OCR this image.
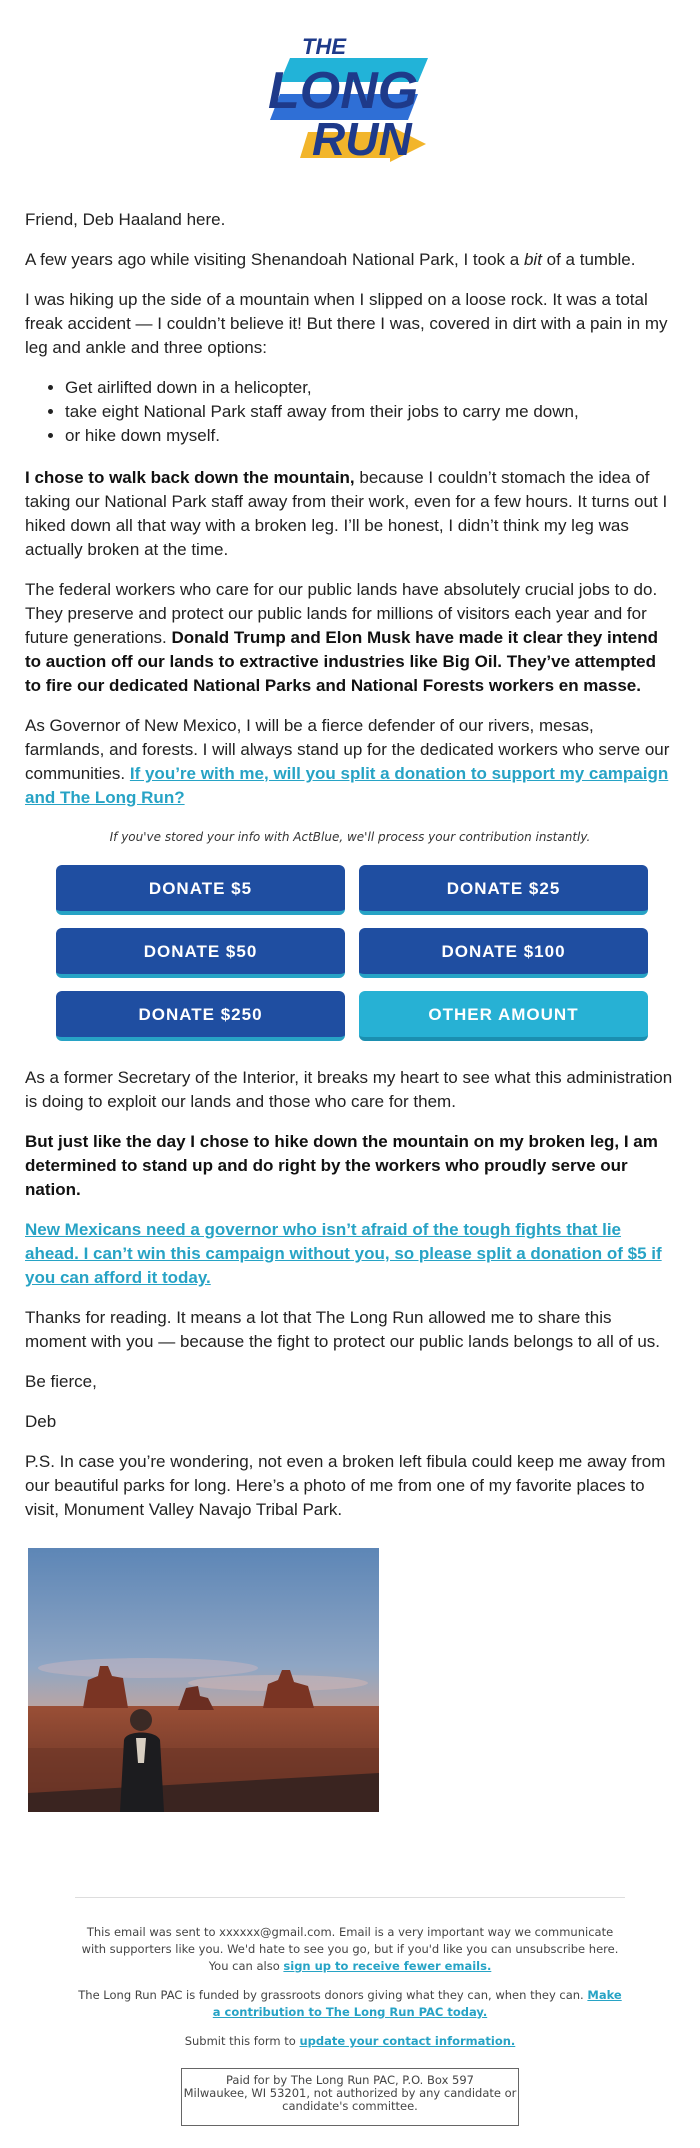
THE
LONG
RUN

Friend, Deb Haaland here.

A few years ago while visiting Shenandoah National Park, I took a bit of a tumble.

I was hiking up the side of a mountain when I slipped on a loose rock. It was a total freak accident — I couldn’t believe it! But there I was, covered in dirt with a pain in my leg and ankle and three options:

• Get airlifted down in a helicopter,
• take eight National Park staff away from their jobs to carry me down,
• or hike down myself.

I chose to walk back down the mountain, because I couldn’t stomach the idea of taking our National Park staff away from their work, even for a few hours. It turns out I hiked down all that way with a broken leg. I’ll be honest, I didn’t think my leg was actually broken at the time.

The federal workers who care for our public lands have absolutely crucial jobs to do. They preserve and protect our public lands for millions of visitors each year and for future generations. Donald Trump and Elon Musk have made it clear they intend to auction off our lands to extractive industries like Big Oil. They’ve attempted to fire our dedicated National Parks and National Forests workers en masse.

As Governor of New Mexico, I will be a fierce defender of our rivers, mesas, farmlands, and forests. I will always stand up for the dedicated workers who serve our communities. If you’re with me, will you split a donation to support my campaign and The Long Run?

If you've stored your info with ActBlue, we'll process your contribution instantly.
DONATE $5	DONATE $25
DONATE $50	DONATE $100
DONATE $250	OTHER AMOUNT

As a former Secretary of the Interior, it breaks my heart to see what this administration is doing to exploit our lands and those who care for them.

But just like the day I chose to hike down the mountain on my broken leg, I am determined to stand up and do right by the workers who proudly serve our nation.

New Mexicans need a governor who isn’t afraid of the tough fights that lie ahead. I can’t win this campaign without you, so please split a donation of $5 if you can afford it today.

Thanks for reading. It means a lot that The Long Run allowed me to share this moment with you — because the fight to protect our public lands belongs to all of us.

Be fierce,

Deb

P.S. In case you’re wondering, not even a broken left fibula could keep me away from our beautiful parks for long. Here’s a photo of me from one of my favorite places to visit, Monument Valley Navajo Tribal Park.

This email was sent to xxxxxx@gmail.com. Email is a very important way we communicate with supporters like you. We'd hate to see you go, but if you'd like you can unsubscribe here. You can also sign up to receive fewer emails.

The Long Run PAC is funded by grassroots donors giving what they can, when they can. Make a contribution to The Long Run PAC today.

Submit this form to update your contact information.

Paid for by The Long Run PAC, P.O. Box 597
Milwaukee, WI 53201, not authorized by any candidate or candidate's committee.
